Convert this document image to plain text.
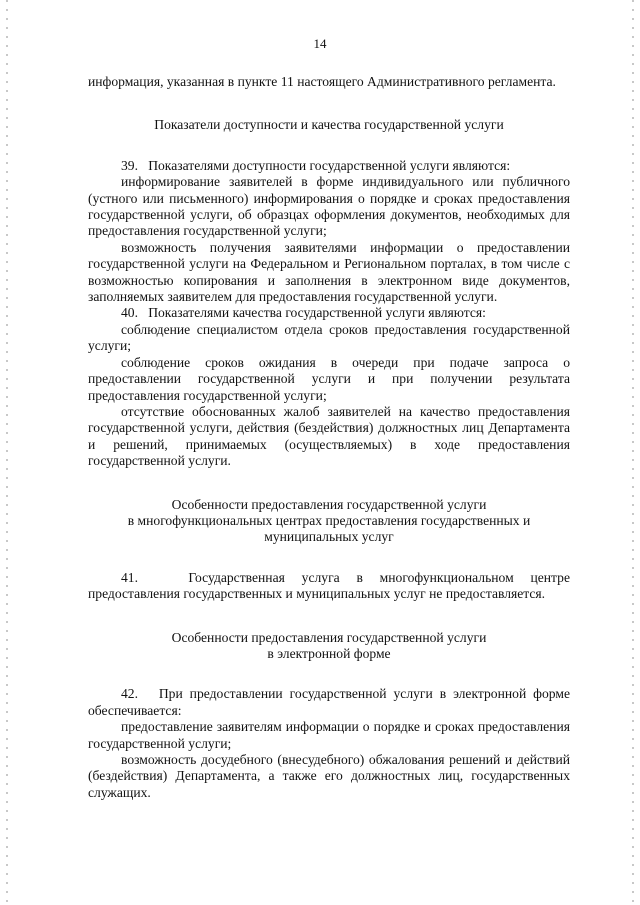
14

информация, указанная в пункте 11 настоящего Административного регламента.

Показатели доступности и качества государственной услуги

39.   Показателями доступности государственной услуги являются:

информирование заявителей в форме индивидуального или публичного (устного или письменного) информирования о порядке и сроках предоставления государственной услуги, об образцах оформления документов, необходимых для предоставления государственной услуги;

возможность получения заявителями информации о предоставлении государственной услуги на Федеральном и Региональном порталах, в том числе с возможностью копирования и заполнения в электронном виде документов, заполняемых заявителем для предоставления государственной услуги.

40.   Показателями качества государственной услуги являются:

соблюдение специалистом отдела сроков предоставления государственной услуги;

соблюдение сроков ожидания в очереди при подаче запроса о предоставлении государственной услуги и при получении результата предоставления государственной услуги;

отсутствие обоснованных жалоб заявителей на качество предоставления государственной услуги, действия (бездействия) должностных лиц Департамента и решений, принимаемых (осуществляемых) в ходе предоставления государственной услуги.

Особенности предоставления государственной услуги

в многофункциональных центрах предоставления государственных и

муниципальных услуг

41.   Государственная услуга в многофункциональном центре предоставления государственных и муниципальных услуг не предоставляется.

Особенности предоставления государственной услуги

в электронной форме

42.   При предоставлении государственной услуги в электронной форме обеспечивается:

предоставление заявителям информации о порядке и сроках предоставления государственной услуги;

возможность досудебного (внесудебного) обжалования решений и действий (бездействия) Департамента, а также его должностных лиц, государственных служащих.
